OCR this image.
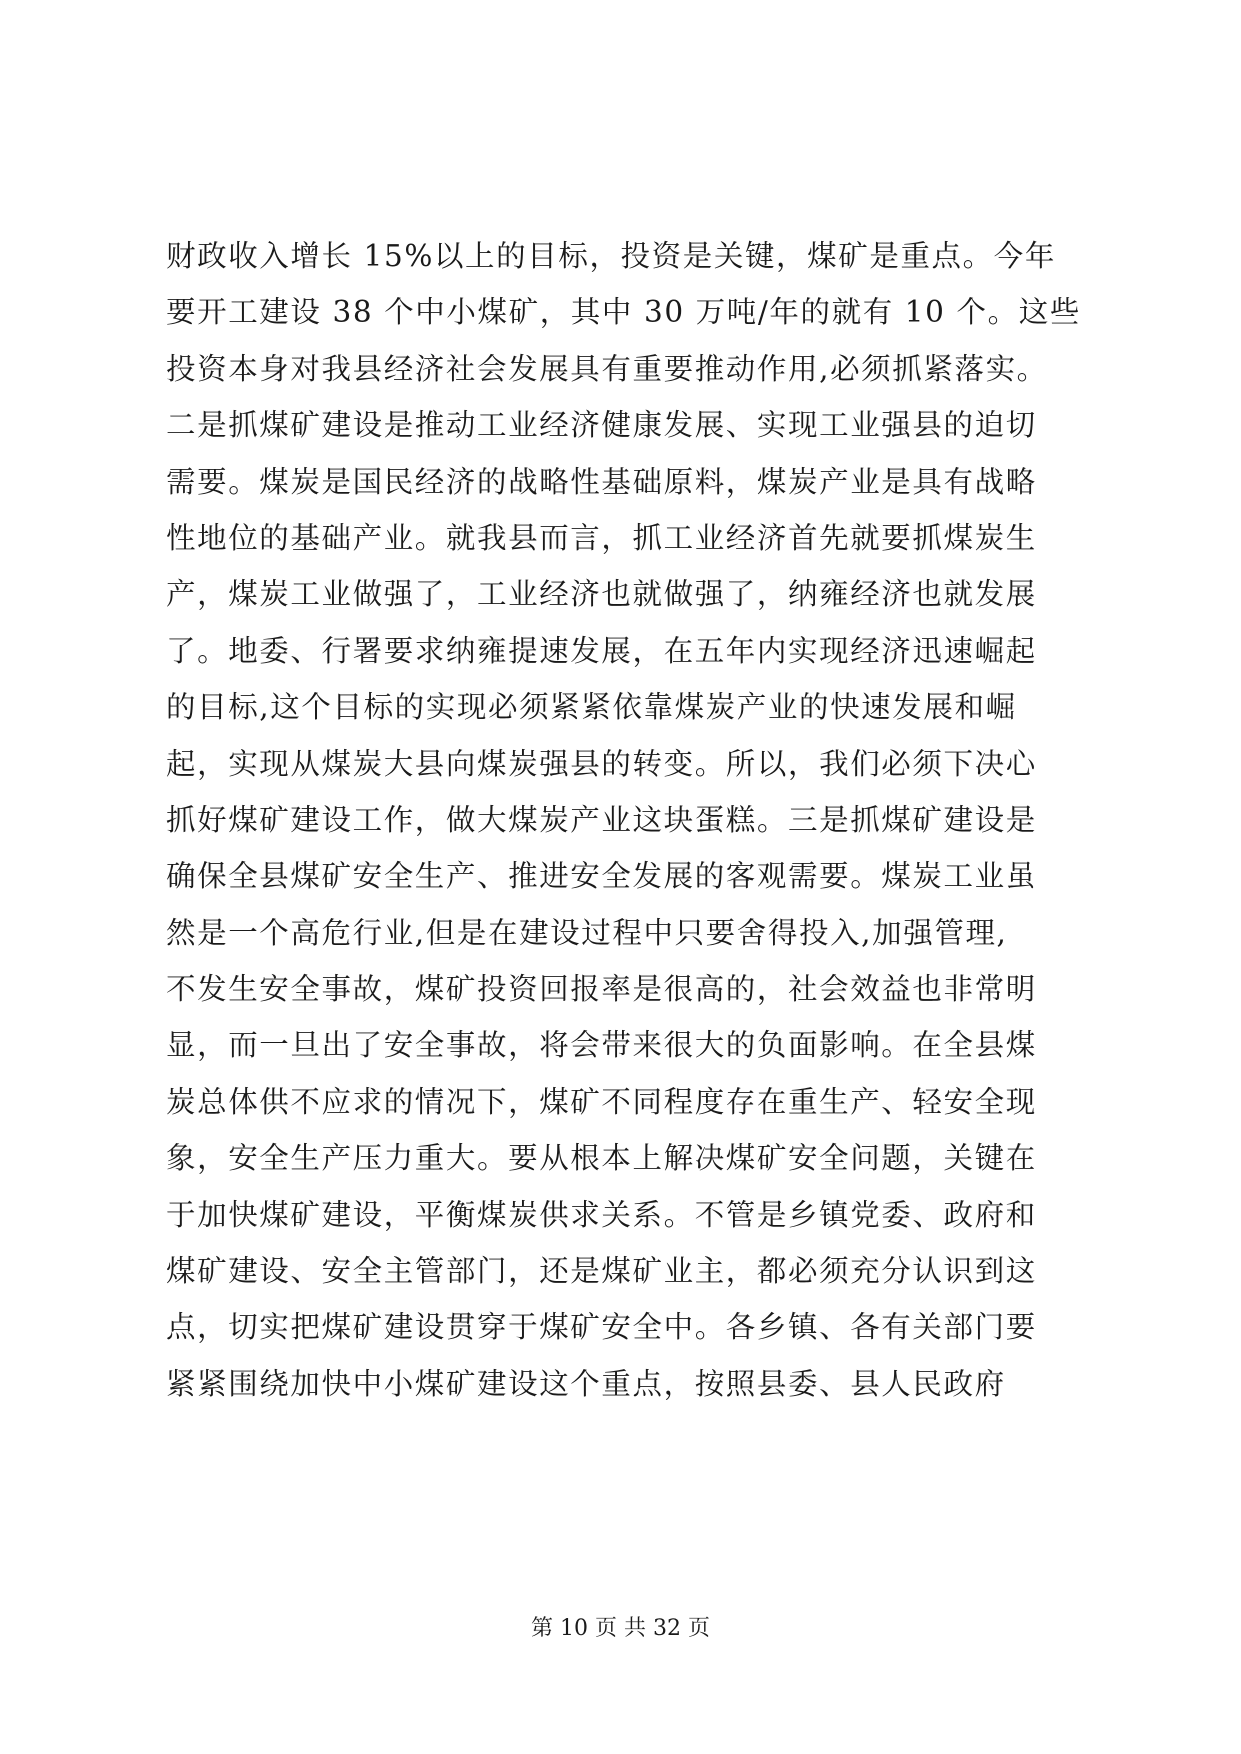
财政收入增长 15%以上的目标，投资是关键，煤矿是重点。今年
要开工建设 38 个中小煤矿，其中 30 万吨/年的就有 10 个。这些
投资本身对我县经济社会发展具有重要推动作用,必须抓紧落实。
二是抓煤矿建设是推动工业经济健康发展、实现工业强县的迫切
需要。煤炭是国民经济的战略性基础原料，煤炭产业是具有战略
性地位的基础产业。就我县而言，抓工业经济首先就要抓煤炭生
产，煤炭工业做强了，工业经济也就做强了，纳雍经济也就发展
了。地委、行署要求纳雍提速发展，在五年内实现经济迅速崛起
的目标,这个目标的实现必须紧紧依靠煤炭产业的快速发展和崛
起，实现从煤炭大县向煤炭强县的转变。所以，我们必须下决心
抓好煤矿建设工作，做大煤炭产业这块蛋糕。三是抓煤矿建设是
确保全县煤矿安全生产、推进安全发展的客观需要。煤炭工业虽
然是一个高危行业,但是在建设过程中只要舍得投入,加强管理,
不发生安全事故，煤矿投资回报率是很高的，社会效益也非常明
显，而一旦出了安全事故，将会带来很大的负面影响。在全县煤
炭总体供不应求的情况下，煤矿不同程度存在重生产、轻安全现
象，安全生产压力重大。要从根本上解决煤矿安全问题，关键在
于加快煤矿建设，平衡煤炭供求关系。不管是乡镇党委、政府和
煤矿建设、安全主管部门，还是煤矿业主，都必须充分认识到这
点，切实把煤矿建设贯穿于煤矿安全中。各乡镇、各有关部门要
紧紧围绕加快中小煤矿建设这个重点，按照县委、县人民政府
第 10 页 共 32 页
